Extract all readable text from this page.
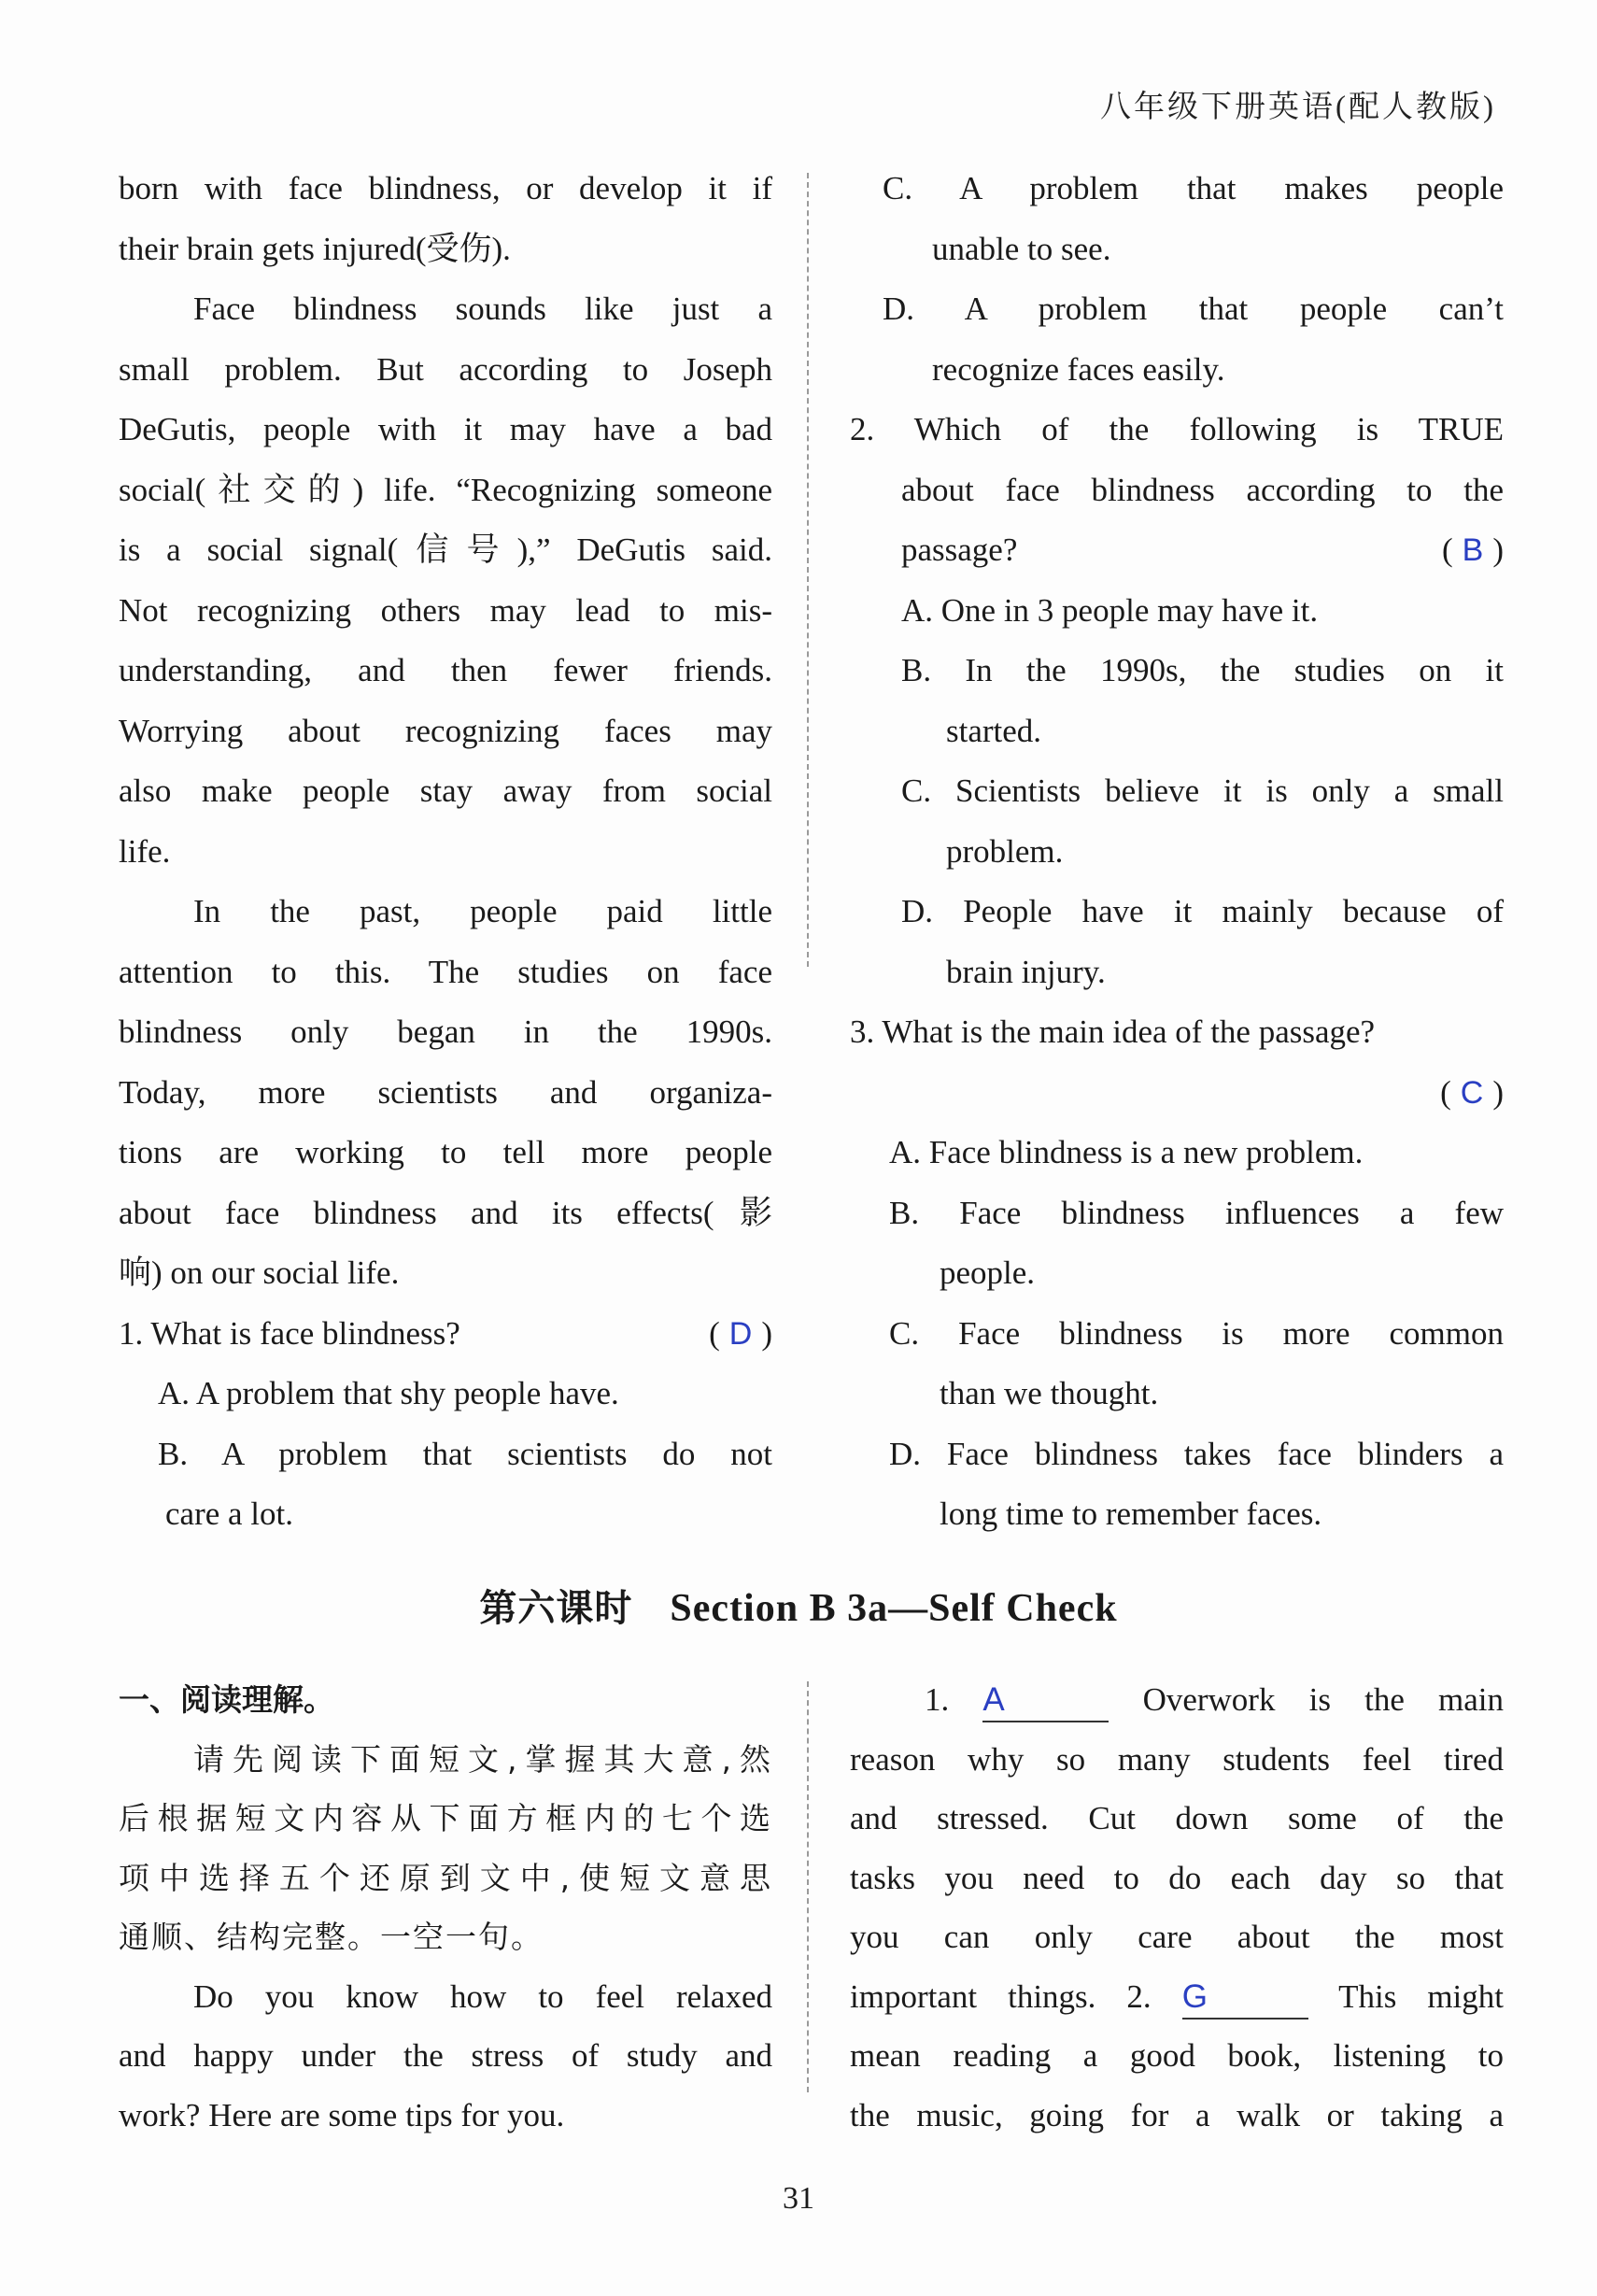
八年级下册英语(配人教版)

born with face blindness, or develop it if

their brain gets injured(受伤).

Face blindness sounds like just a

small problem. But according to Joseph

DeGutis, people with it may have a bad

social(社交的) life. “Recognizing someone

is a social signal(信号),” DeGutis said.

Not recognizing others may lead to mis-

understanding, and then fewer friends.

Worrying about recognizing faces may

also make people stay away from social

life.

In the past, people paid little

attention to this. The studies on face

blindness only began in the 1990s.

Today, more scientists and organiza-

tions are working to tell more people

about face blindness and its effects(影

响) on our social life.

1. What is face blindness?	( D )

A. A problem that shy people have.

B. A problem that scientists do not

care a lot.

C. A problem that makes people

unable to see.

D. A problem that people can’t

recognize faces easily.

2. Which of the following is TRUE

about face blindness according to the

passage?	( B )

A. One in 3 people may have it.

B. In the 1990s, the studies on it

started.

C. Scientists believe it is only a small

problem.

D. People have it mainly because of

brain injury.

3. What is the main idea of the passage?

( C )

A. Face blindness is a new problem.

B. Face blindness influences a few

people.

C. Face blindness is more common

than we thought.

D. Face blindness takes face blinders a

long time to remember faces.

第六课时 Section B 3a—Self Check

一、阅读理解。

请先阅读下面短文,掌握其大意,然

后根据短文内容从下面方框内的七个选

项中选择五个还原到文中,使短文意思

通顺、结构完整。一空一句。

Do you know how to feel relaxed

and happy under the stress of study and

work? Here are some tips for you.

1. A	Overwork is the main

reason why so many students feel tired

and stressed. Cut down some of the

tasks you need to do each day so that

you can only care about the most

important things. 2. G	This might

mean reading a good book, listening to

the music, going for a walk or taking a

31
